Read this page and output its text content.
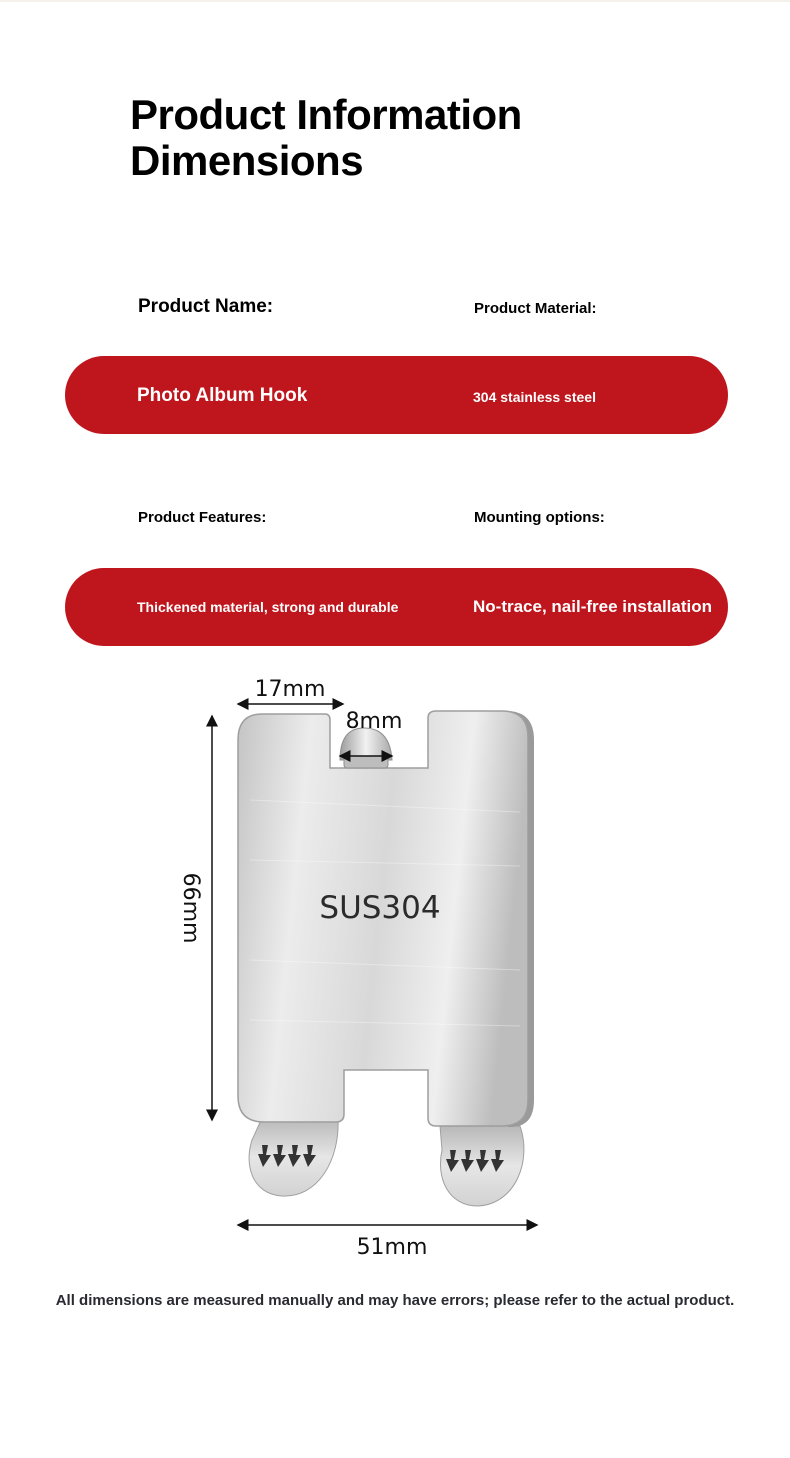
Product Information
Dimensions
Product Name:	Product Material:
Photo Album Hook	304 stainless steel
Product Features:	Mounting options:
Thickened material, strong and durable	No-trace, nail-free installation
SUS304
17mm
8mm
66mm
51mm
All dimensions are measured manually and may have errors; please refer to the actual product.
